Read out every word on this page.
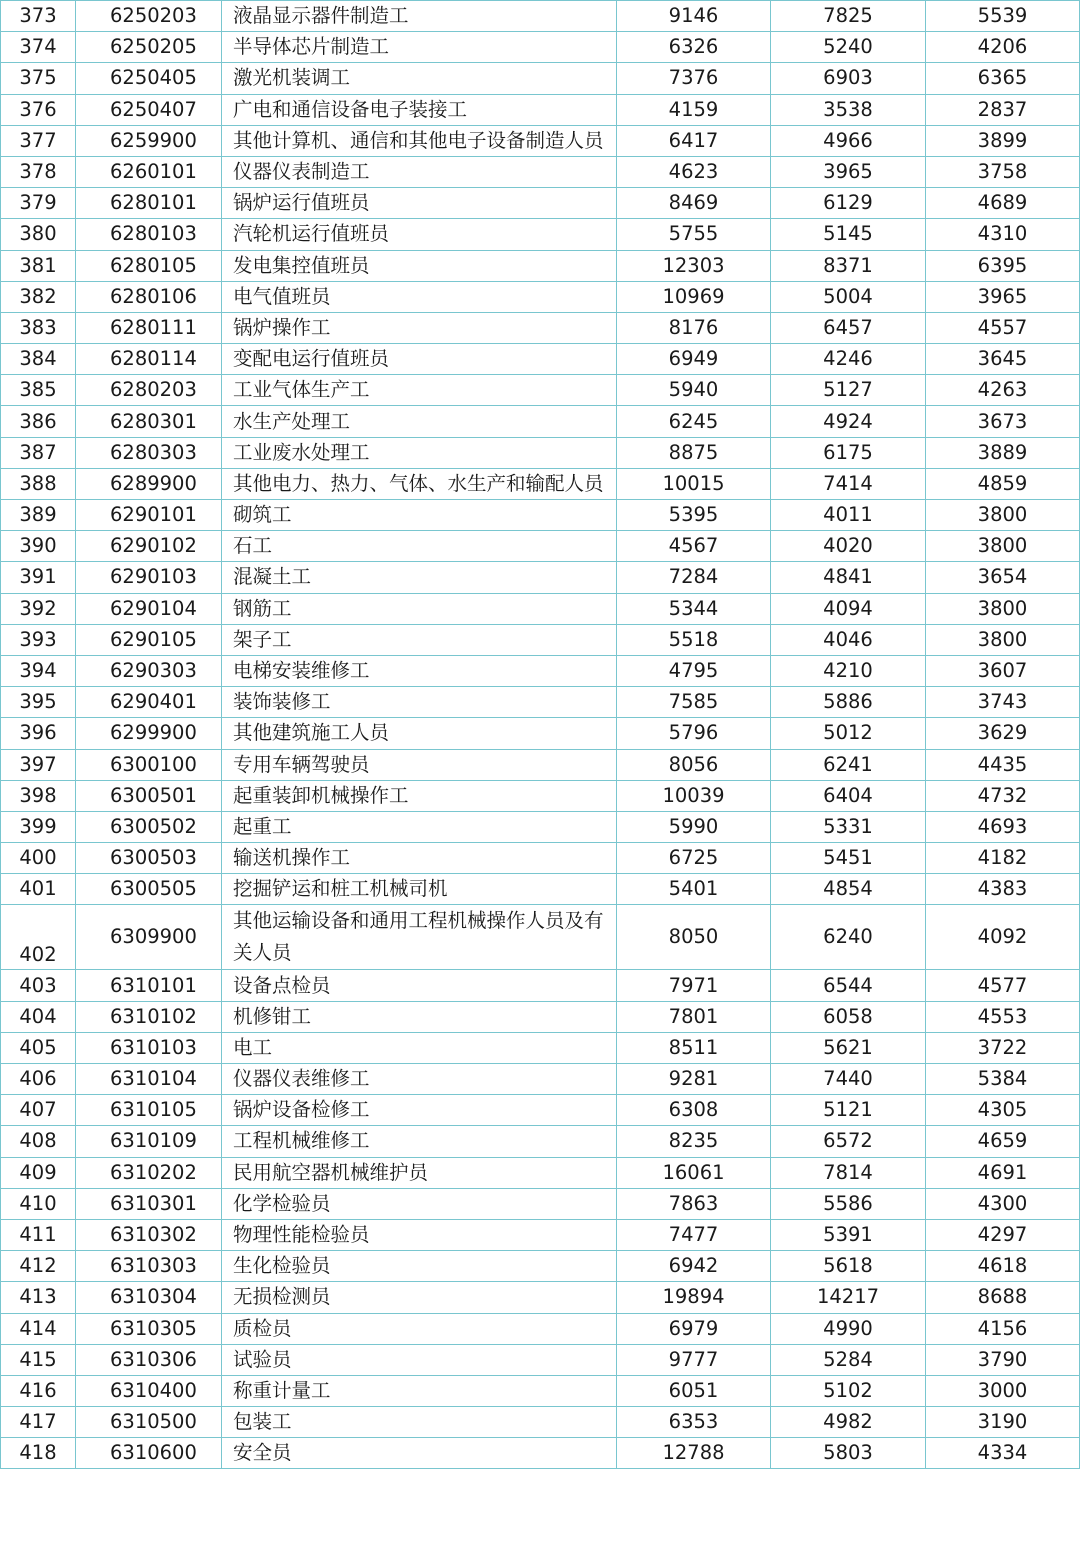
373	6250203	液晶显示器件制造工	9146	7825	5539
374	6250205	半导体芯片制造工	6326	5240	4206
375	6250405	激光机装调工	7376	6903	6365
376	6250407	广电和通信设备电子装接工	4159	3538	2837
377	6259900	其他计算机、通信和其他电子设备制造人员	6417	4966	3899
378	6260101	仪器仪表制造工	4623	3965	3758
379	6280101	锅炉运行值班员	8469	6129	4689
380	6280103	汽轮机运行值班员	5755	5145	4310
381	6280105	发电集控值班员	12303	8371	6395
382	6280106	电气值班员	10969	5004	3965
383	6280111	锅炉操作工	8176	6457	4557
384	6280114	变配电运行值班员	6949	4246	3645
385	6280203	工业气体生产工	5940	5127	4263
386	6280301	水生产处理工	6245	4924	3673
387	6280303	工业废水处理工	8875	6175	3889
388	6289900	其他电力、热力、气体、水生产和输配人员	10015	7414	4859
389	6290101	砌筑工	5395	4011	3800
390	6290102	石工	4567	4020	3800
391	6290103	混凝土工	7284	4841	3654
392	6290104	钢筋工	5344	4094	3800
393	6290105	架子工	5518	4046	3800
394	6290303	电梯安装维修工	4795	4210	3607
395	6290401	装饰装修工	7585	5886	3743
396	6299900	其他建筑施工人员	5796	5012	3629
397	6300100	专用车辆驾驶员	8056	6241	4435
398	6300501	起重装卸机械操作工	10039	6404	4732
399	6300502	起重工	5990	5331	4693
400	6300503	输送机操作工	6725	5451	4182
401	6300505	挖掘铲运和桩工机械司机	5401	4854	4383
402	6309900	其他运输设备和通用工程机械操作人员及有关人员	8050	6240	4092
403	6310101	设备点检员	7971	6544	4577
404	6310102	机修钳工	7801	6058	4553
405	6310103	电工	8511	5621	3722
406	6310104	仪器仪表维修工	9281	7440	5384
407	6310105	锅炉设备检修工	6308	5121	4305
408	6310109	工程机械维修工	8235	6572	4659
409	6310202	民用航空器机械维护员	16061	7814	4691
410	6310301	化学检验员	7863	5586	4300
411	6310302	物理性能检验员	7477	5391	4297
412	6310303	生化检验员	6942	5618	4618
413	6310304	无损检测员	19894	14217	8688
414	6310305	质检员	6979	4990	4156
415	6310306	试验员	9777	5284	3790
416	6310400	称重计量工	6051	5102	3000
417	6310500	包装工	6353	4982	3190
418	6310600	安全员	12788	5803	4334
